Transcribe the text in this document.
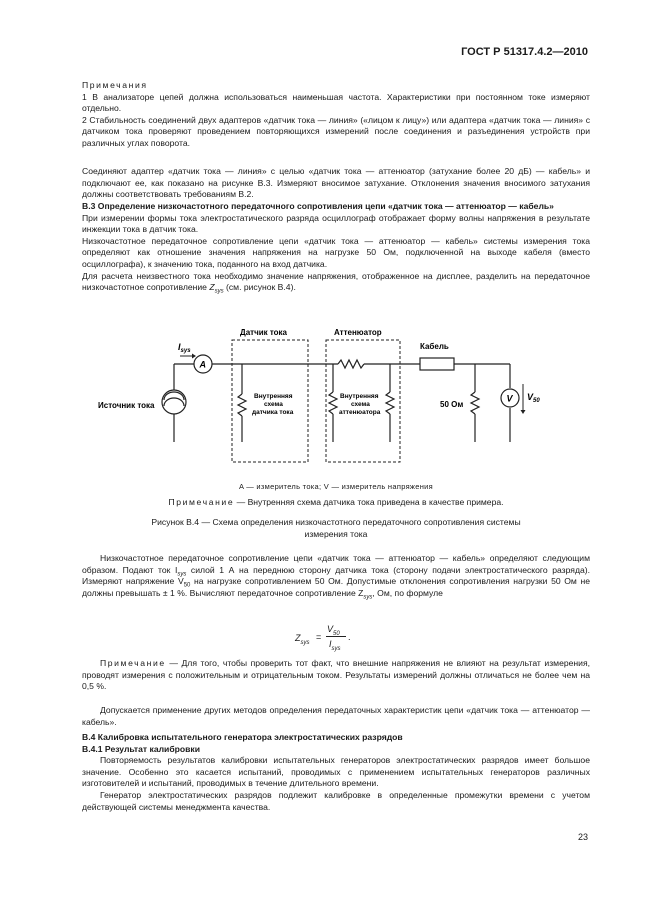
ГОСТ Р 51317.4.2—2010

Примечания

1 В анализаторе цепей должна использоваться наименьшая частота. Характеристики при постоянном токе измеряют отдельно.

2 Стабильность соединений двух адаптеров «датчик тока — линия» («лицом к лицу») или адаптера «датчик тока — линия» с датчиком тока проверяют проведением повторяющихся измерений после соединения и разъединения устройств при различных углах поворота.

Соединяют адаптер «датчик тока — линия» с целью «датчик тока — аттенюатор (затухание более 20 дБ) — кабель» и подключают ее, как показано на рисунке В.3. Измеряют вносимое затухание. Отклонения значения вносимого затухания должны соответствовать требованиям В.2.

В.3 Определение низкочастотного передаточного сопротивления цепи «датчик тока — аттенюатор — кабель»

При измерении формы тока электростатического разряда осциллограф отображает форму волны напряжения в результате инжекции тока в датчик тока.

Низкочастотное передаточное сопротивление цепи «датчик тока — аттенюатор — кабель» системы измерения тока определяют как отношение значения напряжения на нагрузке 50 Ом, подключенной на выходе кабеля (вместо осциллографа), к значению тока, поданного на вход датчика.

Для расчета неизвестного тока необходимо значение напряжения, отображенное на дисплее, разделить на передаточное низкочастотное сопротивление $Z_{sys}$ (см. рисунок В.4).

Датчик тока	Аттенюатор
Кабель
Источник тока
A
$I_{sys}$
Внутренняя
схема
датчика тока
Внутренняя
схема
аттенюатора
50 Ом
V $V_{50}$
A — измеритель тока; V — измеритель напряжения
Примечание — Внутренняя схема датчика тока приведена в качестве примера.
Рисунок В.4 — Схема определения низкочастотного передаточного сопротивления системы
измерения тока

Низкочастотное передаточное сопротивление цепи «датчик тока — аттенюатор — кабель» определяют следующим образом. Подают ток $I_{sys}$ силой 1 А на переднюю сторону датчика тока (сторону подачи электростатического разряда). Измеряют напряжение $V_{50}$ на нагрузке сопротивлением 50 Ом. Допустимые отклонения сопротивления нагрузки 50 Ом не должны превышать ± 1 %. Вычисляют передаточное сопротивление $Z_{sys}$, Ом, по формуле

$Z_{sys}$
=
$V_{50}$
$I_{sys}$
.

Примечание — Для того, чтобы проверить тот факт, что внешние напряжения не влияют на результат измерения, проводят измерения с положительным и отрицательным током. Результаты измерений должны отличаться не более чем на 0,5 %.

Допускается применение других методов определения передаточных характеристик цепи «датчик тока — аттенюатор — кабель».

В.4 Калибровка испытательного генератора электростатических разрядов

В.4.1 Результат калибровки

Повторяемость результатов калибровки испытательных генераторов электростатических разрядов имеет большое значение. Особенно это касается испытаний, проводимых с применением испытательных генераторов различных изготовителей и испытаний, проводимых в течение длительного времени.

Генератор электростатических разрядов подлежит калибровке в определенные промежутки времени с учетом действующей системы менеджмента качества.

23
